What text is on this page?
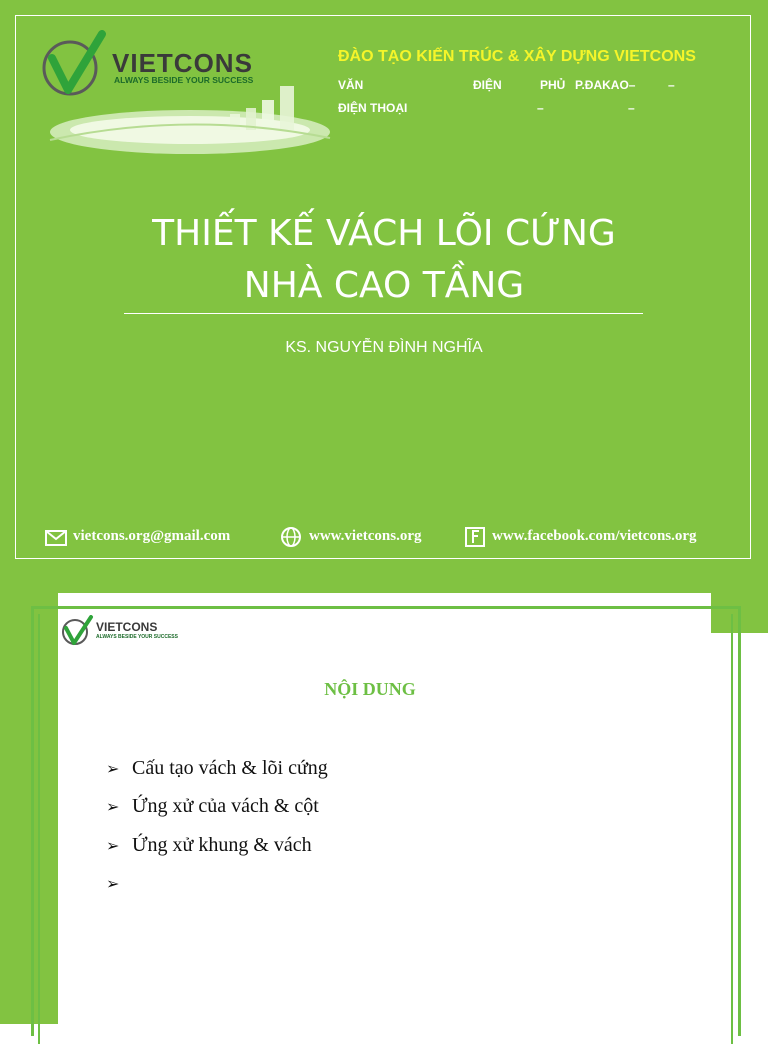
VIETCONS
ALWAYS BESIDE YOUR SUCCESS
ĐÀO TẠO KIẾN TRÚC & XÂY DỰNG VIETCONS
VĂN	ĐIỆN	PHỦ P.ĐAKAO–	–
ĐIỆN THOẠI	–	–
THIẾT KẾ VÁCH LÕI CỨNG
NHÀ CAO TẦNG
KS. NGUYỄN ĐÌNH NGHĨA
vietcons.org@gmail.com	www.vietcons.org	www.facebook.com/vietcons.org
VIETCONS
ALWAYS BESIDE YOUR SUCCESS
NỘI DUNG
➢ Cấu tạo vách & lõi cứng
➢ Ứng xử của vách & cột
➢ Ứng xử khung & vách
➢
